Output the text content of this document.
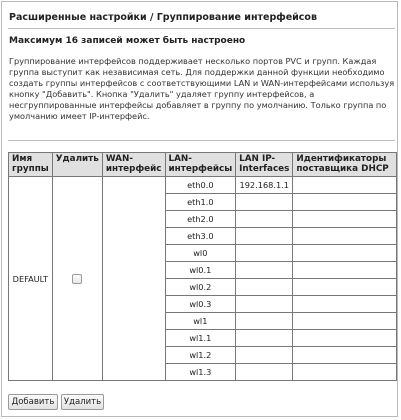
Расширенные настройки / Группирование интерфейсов
Максимум 16 записей может быть настроено
Группирование интерфейсов поддерживает несколько портов PVC и групп. Каждая группа выступит как независимая сеть. Для поддержки данной функции необходимо создать группы интерфейсов с соответствующими LAN и WAN-интерфейсами используя кнопку "Добавить". Кнопка "Удалить" удаляет группу интерфейсов, а несгруппированные интерфейсы добавляет в группу по умолчанию. Только группа по умолчанию имеет IP-интерфейс.
Имя группы	Удалить	WAN-интерфейс	LAN-интерфейсы	LAN IP-Interfaces	Идентификаторы поставщика DHCP
DEFAULT			eth0.0	192.168.1.1	
			eth1.0		
			eth2.0		
			eth3.0		
			wl0		
			wl0.1		
			wl0.2		
			wl0.3		
			wl1		
			wl1.1		
			wl1.2		
			wl1.3		
Добавить	Удалить
